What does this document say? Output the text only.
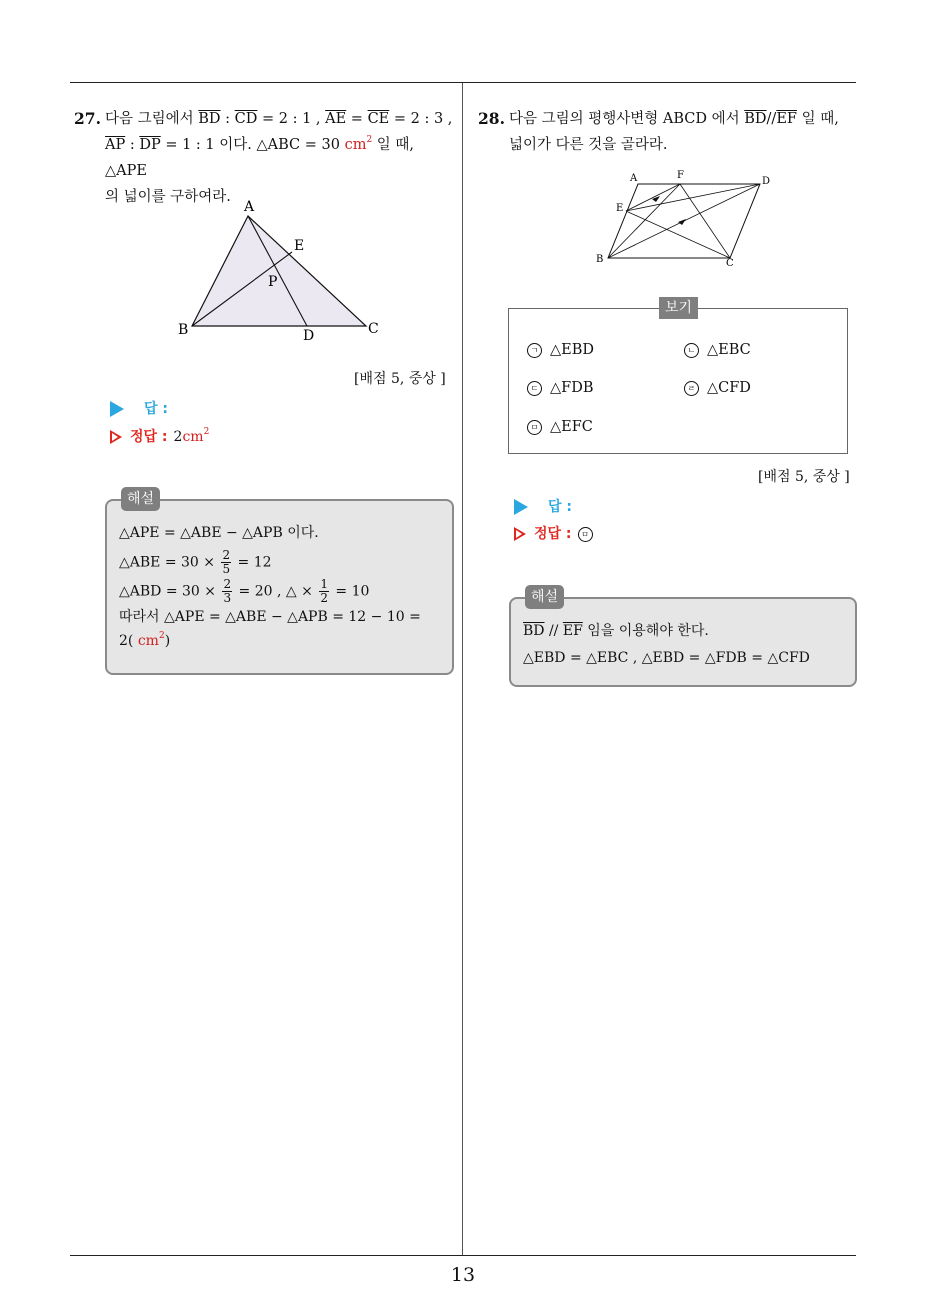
13
27. 다음 그림에서 $\overline{BD}$ : $\overline{CD} = 2$ : 1 , $\overline{AE} = \overline{CE} = 2$ : 3 ,
$\overline{AP}$ : $\overline{DP} = 1$ : 1 이다. △ABC = 30 $cm^2$ 일 때, △APE
의 넓이를 구하여라.
A
E
P
B	D	C
[배점 5, 중상 ]
답 :
정답 : $2cm^2$
해설
△APE = △ABE − △APB 이다.
△ABE = $30 \times \frac{2}{5} = 12$
△ABD = $30 \times \frac{2}{3} = 20$ , △ × $\frac{1}{2} = 10$
따라서 △APE = △ABE − △APB = 12 − 10 =
2( $cm^2$)
28. 다음 그림의 평행사변형 ABCD 에서 $\overline{BD}//\overline{EF}$ 일 때,
넓이가 다른 것을 골라라.
A	F
D
E
B	C
보기
ㄱ △EBD	ㄴ △EBC
ㄷ △FDB	ㄹ △CFD
ㅁ △EFC
[배점 5, 중상 ]
답 :
정답 : ㅁ
해설
$\overline{BD} // \overline{EF}$ 임을 이용해야 한다.
△EBD = △EBC , △EBD = △FDB = △CFD
